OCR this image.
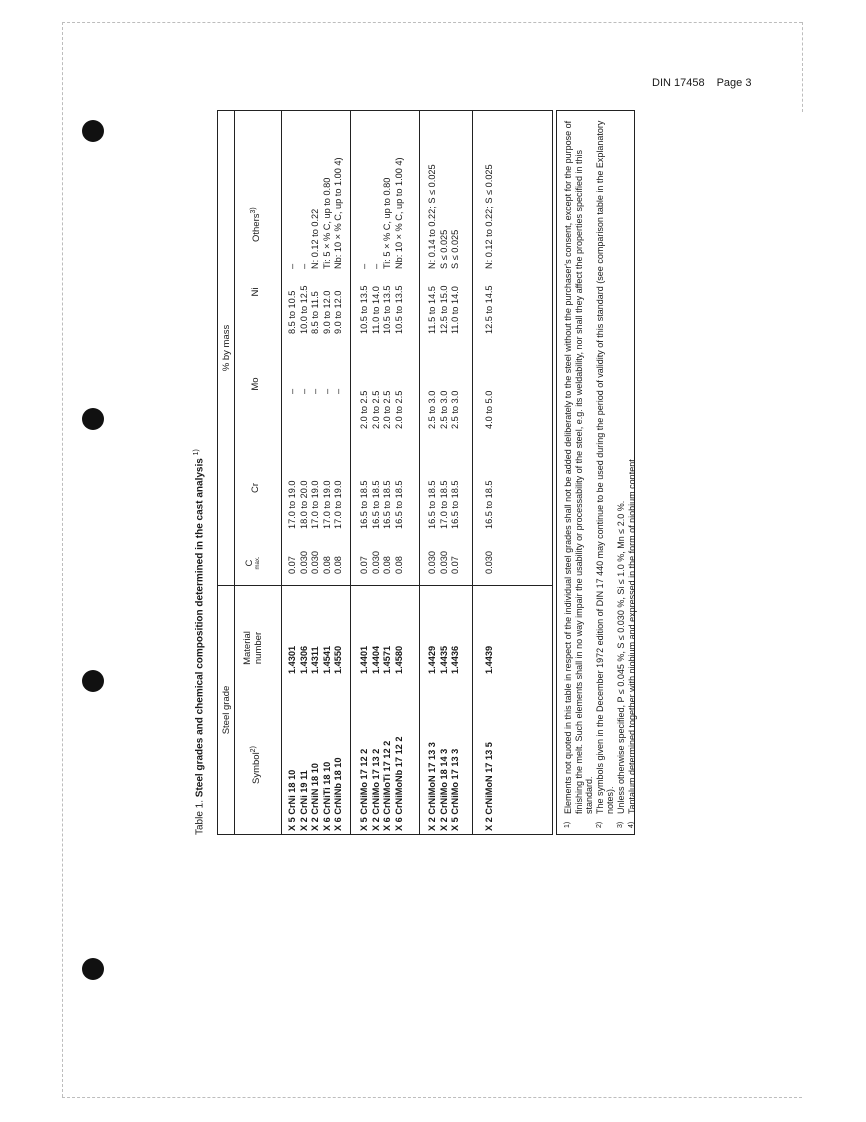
DIN 17458 Page 3
Table 1. Steel grades and chemical composition determined in the cast analysis $^{1)}$
Steel grade
% by mass
Symbol$^{2)}$
Material number
C max.
Cr
Mo
Ni
Others$^{3)}$
X 5 CrNi 18 10
X 2 CrNi 19 11
X 2 CrNiN 18 10
X 6 CrNiTi 18 10
X 6 CrNiNb 18 10
1.4301
1.4306
1.4311
1.4541
1.4550
0.07
0.030
0.030
0.08
0.08
17.0 to 19.0
18.0 to 20.0
17.0 to 19.0
17.0 to 19.0
17.0 to 19.0
–
–
–
–
–
8.5 to 10.5
10.0 to 12.5
8.5 to 11.5
9.0 to 12.0
9.0 to 12.0
–
–
N: 0.12 to 0.22
Ti: 5 × % C, up to 0.80
Nb: 10 × % C, up to 1.00 4)
X 5 CrNiMo 17 12 2
X 2 CrNiMo 17 13 2
X 6 CrNiMoTi 17 12 2
X 6 CrNiMoNb 17 12 2
1.4401
1.4404
1.4571
1.4580
0.07
0.030
0.08
0.08
16.5 to 18.5
16.5 to 18.5
16.5 to 18.5
16.5 to 18.5
2.0 to 2.5
2.0 to 2.5
2.0 to 2.5
2.0 to 2.5
10.5 to 13.5
11.0 to 14.0
10.5 to 13.5
10.5 to 13.5
–
–
Ti: 5 × % C, up to 0.80
Nb: 10 × % C, up to 1.00 4)
X 2 CrNiMoN 17 13 3
X 2 CrNiMo 18 14 3
X 5 CrNiMo 17 13 3
1.4429
1.4435
1.4436
0.030
0.030
0.07
16.5 to 18.5
17.0 to 18.5
16.5 to 18.5
2.5 to 3.0
2.5 to 3.0
2.5 to 3.0
11.5 to 14.5
12.5 to 15.0
11.0 to 14.0
N: 0.14 to 0.22; S ≤ 0.025
S ≤ 0.025
S ≤ 0.025
X 2 CrNiMoN 17 13 5
1.4439
0.030
16.5 to 18.5
4.0 to 5.0
12.5 to 14.5
N: 0.12 to 0.22; S ≤ 0.025
1)
Elements not quoted in this table in respect of the individual steel grades shall not be added deliberately to the steel without the purchaser's consent, except for the purpose of finishing the melt. Such elements shall in no way impair the usability or processability of the steel, e.g. its weldability, nor shall they affect the properties specified in this standard.
2)
The symbols given in the December 1972 edition of DIN 17 440 may continue to be used during the period of validity of this standard (see comparison table in the Explanatory notes).
3)
Unless otherwise specified, P ≤ 0.045 %, S ≤ 0.030 %, Si ≤ 1.0 %, Mn ≤ 2.0 %.
4)
Tantalum determined together with niobium and expressed in the form of niobium content.
